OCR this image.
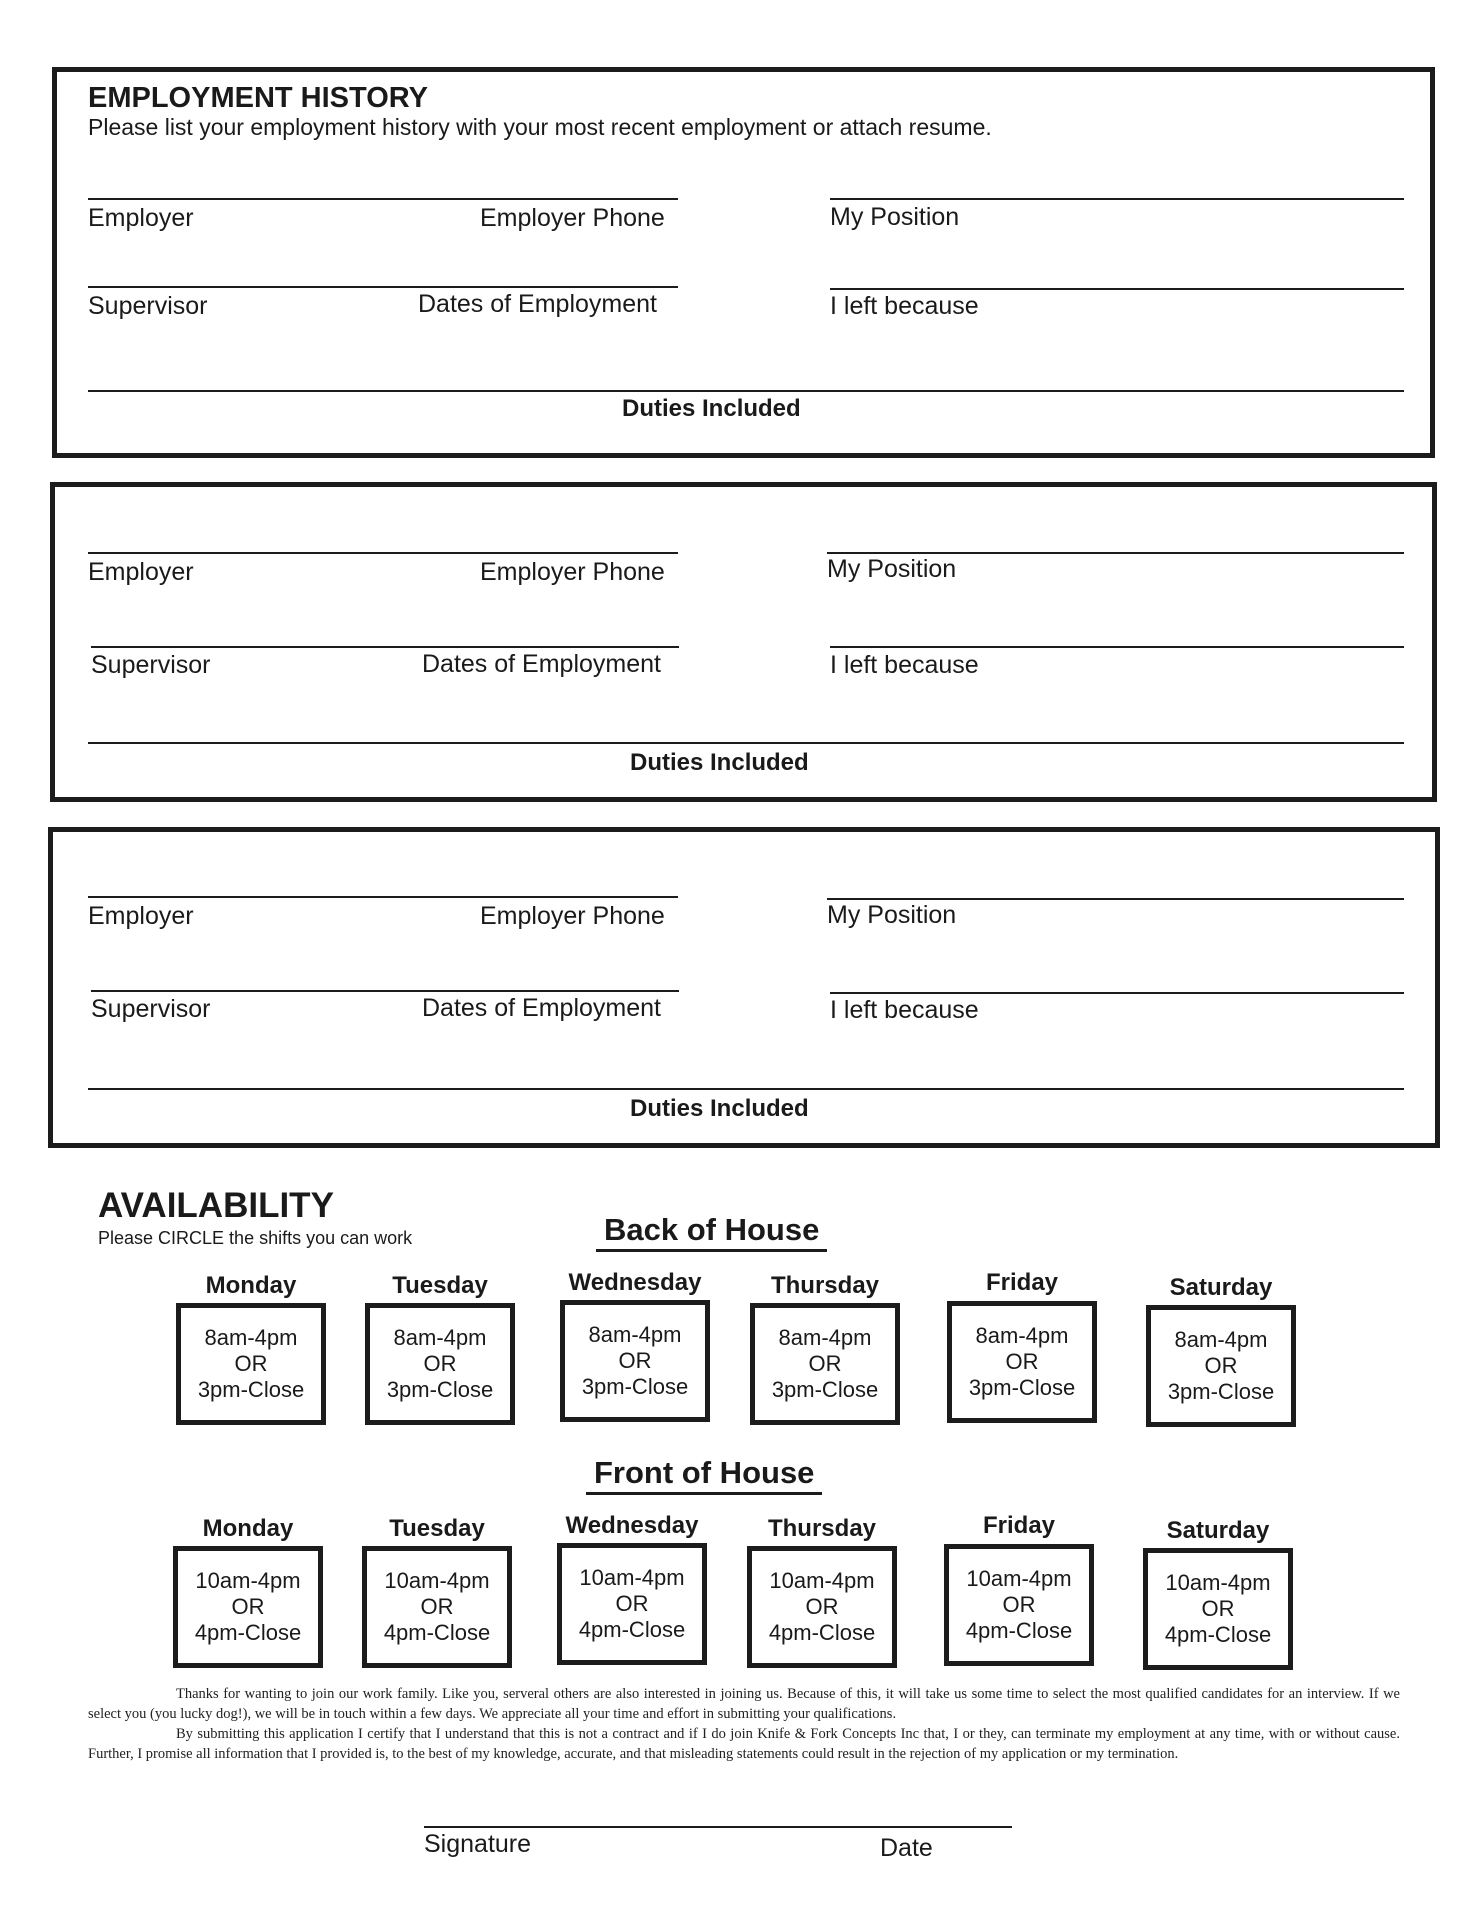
EMPLOYMENT HISTORY
Please list your employment history with your most recent employment or attach resume.
Employer	Employer Phone	My Position
Supervisor	Dates of Employment	I left because
Duties Included
Employer	Employer Phone	My Position
Supervisor	Dates of Employment	I left because
Duties Included
Employer	Employer Phone	My Position
Supervisor	Dates of Employment	I left because
Duties Included
AVAILABILITY
Please CIRCLE the shifts you can work	Back of House
Monday
8am-4pm
OR
3pm-Close
Tuesday
8am-4pm
OR
3pm-Close
Wednesday
8am-4pm
OR
3pm-Close
Thursday
8am-4pm
OR
3pm-Close
Friday
8am-4pm
OR
3pm-Close
Saturday
8am-4pm
OR
3pm-Close
Front of House
Monday
10am-4pm
OR
4pm-Close
Tuesday
10am-4pm
OR
4pm-Close
Wednesday
10am-4pm
OR
4pm-Close
Thursday
10am-4pm
OR
4pm-Close
Friday
10am-4pm
OR
4pm-Close
Saturday
10am-4pm
OR
4pm-Close

Thanks for wanting to join our work family. Like you, serveral others are also interested in joining us. Because of this, it will take us some time to select the most qualified candidates for an interview. If we select you (you lucky dog!), we will be in touch within a few days. We appreciate all your time and effort in submitting your qualifications.

By submitting this application I certify that I understand that this is not a contract and if I do join Knife & Fork Concepts Inc that, I or they, can terminate my employment at any time, with or without cause. Further, I promise all information that I provided is, to the best of my knowledge, accurate, and that misleading statements could result in the rejection of my application or my termination.

Signature	Date
